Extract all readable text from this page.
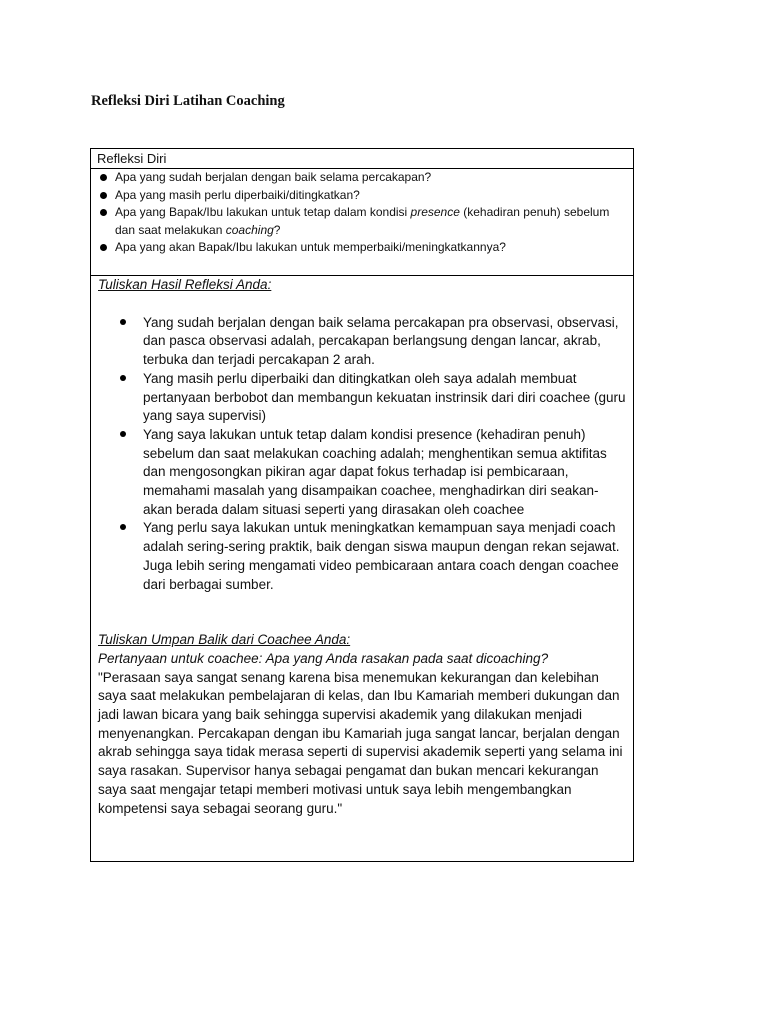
Refleksi Diri Latihan Coaching
Refleksi Diri
Apa yang sudah berjalan dengan baik selama percakapan?
Apa yang masih perlu diperbaiki/ditingkatkan?
Apa yang Bapak/Ibu lakukan untuk tetap dalam kondisi presence (kehadiran penuh) sebelum dan saat melakukan coaching?
Apa yang akan Bapak/Ibu lakukan untuk memperbaiki/meningkatkannya?

Tuliskan Hasil Refleksi Anda:

Yang sudah berjalan dengan baik selama percakapan pra observasi, observasi, dan pasca observasi adalah, percakapan berlangsung dengan lancar, akrab, terbuka dan terjadi percakapan 2 arah.
Yang masih perlu diperbaiki dan ditingkatkan oleh saya adalah membuat pertanyaan berbobot dan membangun kekuatan instrinsik dari diri coachee (guru yang saya supervisi)
Yang saya lakukan untuk tetap dalam kondisi presence (kehadiran penuh) sebelum dan saat melakukan coaching adalah; menghentikan semua aktifitas dan mengosongkan pikiran agar dapat fokus terhadap isi pembicaraan, memahami masalah yang disampaikan coachee, menghadirkan diri seakan-akan berada dalam situasi seperti yang dirasakan oleh coachee
Yang perlu saya lakukan untuk meningkatkan kemampuan saya menjadi coach adalah sering-sering praktik, baik dengan siswa maupun dengan rekan sejawat. Juga lebih sering mengamati video pembicaraan antara coach dengan coachee dari berbagai sumber.

Tuliskan Umpan Balik dari Coachee Anda:

Pertanyaan untuk coachee: Apa yang Anda rasakan pada saat dicoaching?

"Perasaan saya sangat senang karena bisa menemukan kekurangan dan kelebihan saya saat melakukan pembelajaran di kelas, dan Ibu Kamariah memberi dukungan dan jadi lawan bicara yang baik sehingga supervisi akademik yang dilakukan menjadi menyenangkan. Percakapan dengan ibu Kamariah juga sangat lancar, berjalan dengan akrab sehingga saya tidak merasa seperti di supervisi akademik seperti yang selama ini saya rasakan. Supervisor hanya sebagai pengamat dan bukan mencari kekurangan saya saat mengajar tetapi memberi motivasi untuk saya lebih mengembangkan kompetensi saya sebagai seorang guru."
